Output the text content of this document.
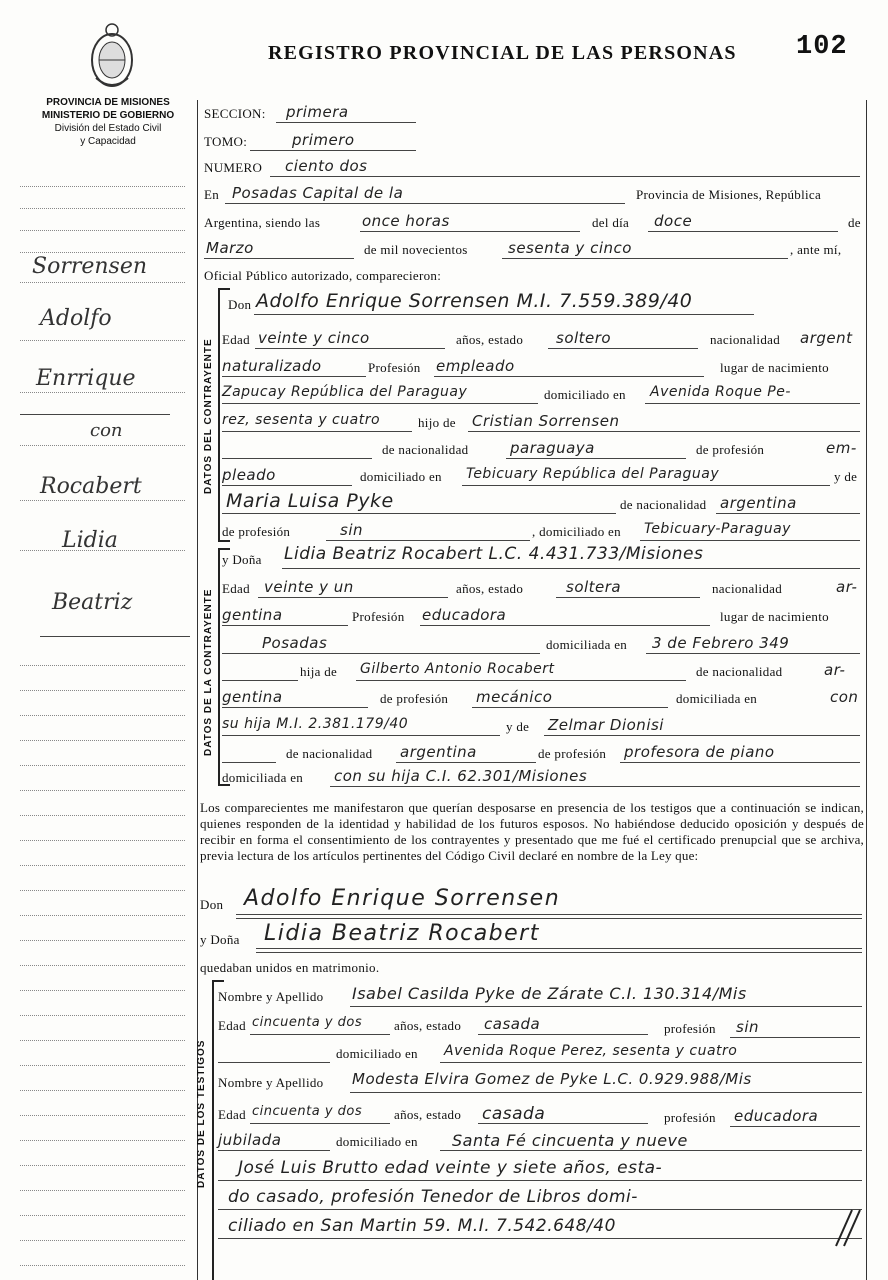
PROVINCIA DE MISIONES
MINISTERIO DE GOBIERNO
División del Estado Civil
y Capacidad
REGISTRO PROVINCIAL DE LAS PERSONAS 102
Sorrensen
Adolfo
Enrrique
con
Rocabert
Lidia
Beatriz
SECCION: primera
TOMO:	primero
NUMERO ciento dos
En Posadas Capital de la	Provincia de Misiones, República
Argentina, siendo las	once horas	del día doce	de
Marzo	de mil novecientos	sesenta y cinco	, ante mí,
Oficial Público autorizado, comparecieron:
DATOS DEL CONTRAYENTE
Don Adolfo Enrique Sorrensen M.I. 7.559.389/40
Edad veinte y cinco	años, estado soltero	nacionalidad argent
naturalizado	Profesión empleado	lugar de nacimiento
Zapucay República del Paraguay	domiciliado en Avenida Roque Pe-
rez, sesenta y cuatro	hijo de Cristian Sorrensen
de nacionalidad	paraguaya	de profesión	em-
pleado	domiciliado en Tebicuary República del Paraguay	y de
Maria Luisa Pyke	de nacionalidad argentina
de profesión	sin	, domiciliado en Tebicuary-Paraguay
DATOS DE LA CONTRAYENTE
y Doña Lidia Beatriz Rocabert L.C. 4.431.733/Misiones
Edad veinte y un	años, estado	soltera	nacionalidad	ar-
gentina	Profesión educadora	lugar de nacimiento
Posadas	domiciliada en 3 de Febrero 349
hija de Gilberto Antonio Rocabert	de nacionalidad	ar-
gentina	de profesión mecánico	domiciliada en	con
su hija M.I. 2.381.179/40	y de Zelmar Dionisi
de nacionalidad argentina	de profesión profesora de piano
domiciliada en con su hija C.I. 62.301/Misiones
Los comparecientes me manifestaron que querían desposarse en presencia de los testigos que a continuación se indican, quienes responden de la identidad y habilidad de los futuros esposos. No habiéndose deducido oposición y después de recibir en forma el consentimiento de los contrayentes y presentado que me fué el certificado prenupcial que se archiva, previa lectura de los artículos pertinentes del Código Civil declaré en nombre de la Ley que:
Don Adolfo Enrique Sorrensen
y Doña Lidia Beatriz Rocabert
quedaban unidos en matrimonio.
DATOS DE LOS TESTIGOS
Nombre y Apellido Isabel Casilda Pyke de Zárate C.I. 130.314/Mis
Edad cincuenta y dos años, estado casada	profesión sin
domiciliado en Avenida Roque Perez, sesenta y cuatro
Nombre y Apellido Modesta Elvira Gomez de Pyke L.C. 0.929.988/Mis
Edad cincuenta y dos años, estado casada	profesión educadora
jubilada	domiciliado en Santa Fé cincuenta y nueve
José Luis Brutto edad veinte y siete años, esta-
do casado, profesión Tenedor de Libros domi-
ciliado en San Martin 59. M.I. 7.542.648/40
